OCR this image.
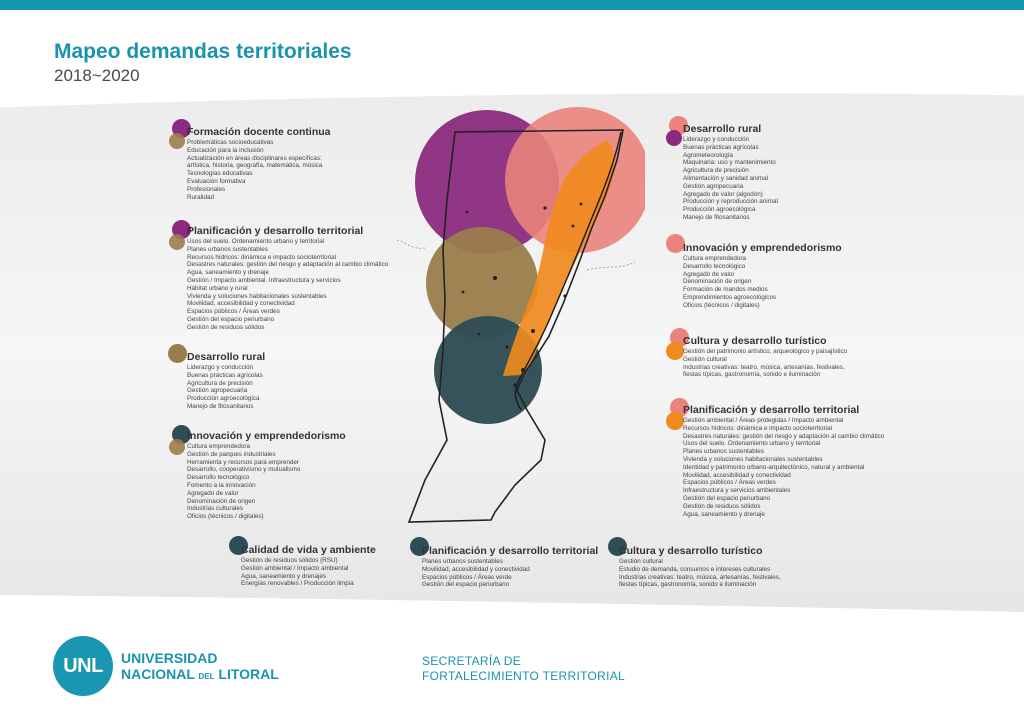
Mapeo demandas territoriales
2018~2020
Formación docente continua
Problemáticas socioeducativas
Educación para la inclusión
Actualización en áreas disciplinares específicas:
artística, historia, geografía, matemática, música
Tecnologías educativas
Evaluación formativa
Profesionales
Ruralidad
Planificación y desarrollo territorial
Usos del suelo. Ordenamiento urbano y territorial
Planes urbanos sustentables
Recursos hídricos: dinámica e impacto socioterritorial
Desastres naturales: gestión del riesgo y adaptación al cambio climático
Agua, saneamiento y drenaje
Gestión / Impacto ambiental. Infraestructura y servicios
Hábitat urbano y rural
Vivienda y soluciones habitacionales sustentables
Movilidad, accesibilidad y conectividad
Espacios públicos / Áreas verdes
Gestión del espacio periurbano
Gestión de residuos sólidos
Desarrollo rural
Liderazgo y conducción
Buenas prácticas agrícolas
Agricultura de precisión
Gestión agropecuaria
Producción agroecológica
Manejo de fitosanitarios
Innovación y emprendedorismo
Cultura emprendedora
Gestión de parques industriales
Herramienta y recursos para emprender
Desarrollo, cooperativismo y mutualismo
Desarrollo tecnológico
Fomento a la innovación
Agregado de valor
Denominación de origen
Industrias culturales
Oficios (técnicos / digitales)
Desarrollo rural
Liderazgo y conducción
Buenas prácticas agrícolas
Agrometeorología
Maquinaria: uso y mantenimiento
Agricultura de precisión
Alimentación y sanidad animal
Gestión agropecuaria
Agregado de valor (algodón)
Producción y reproducción animal
Producción agroecológica
Manejo de fitosanitarios
Innovación y emprendedorismo
Cultura emprendedora
Desarrollo tecnológico
Agregado de valor
Denominación de origen
Formación de mandos medios
Emprendimientos agroecológicos
Oficios (técnicos / digitales)
Cultura y desarrollo turístico
Gestión del patrimonio artístico, arqueológico y paisajístico
Gestión cultural
Industrias creativas: teatro, música, artesanías, festivales,
fiestas típicas, gastronomía, sonido e iluminación
Planificación y desarrollo territorial
Gestión ambiental / Áreas protegidas / Impacto ambiental
Recursos hídricos: dinámica e impacto socioterritorial
Desastres naturales: gestión del riesgo y adaptación al cambio climático
Usos del suelo. Ordenamiento urbano y territorial
Planes urbanos sustentables
Vivienda y soluciones habitacionales sustentables
Identidad y patrimonio urbano-arquitectónico, natural y ambiental
Movilidad, accesibilidad y conectividad
Espacios públicos / Áreas verdes
Infraestructura y servicios ambientales
Gestión del espacio periurbano
Gestión de residuos sólidos
Agua, saneamiento y drenaje
Calidad de vida y ambiente
Gestión de residuos sólidos (RSU)
Gestión ambiental / Impacto ambiental
Agua, saneamiento y drenajes
Energías renovables / Producción limpia
Planificación y desarrollo territorial
Planes urbanos sustentables
Movilidad, accesibilidad y conectividad
Espacios públicos / Áreas verde
Gestión del espacio periurbano
Cultura y desarrollo turístico
Gestión cultural
Estudio de demanda, consumos e intereses culturales
Industrias creativas: teatro, música, artesanías, festivales,
fiestas típicas, gastronomía, sonido e iluminación
UNL	UNIVERSIDAD
NACIONAL DEL LITORAL
SECRETARÍA DE
FORTALECIMIENTO TERRITORIAL
